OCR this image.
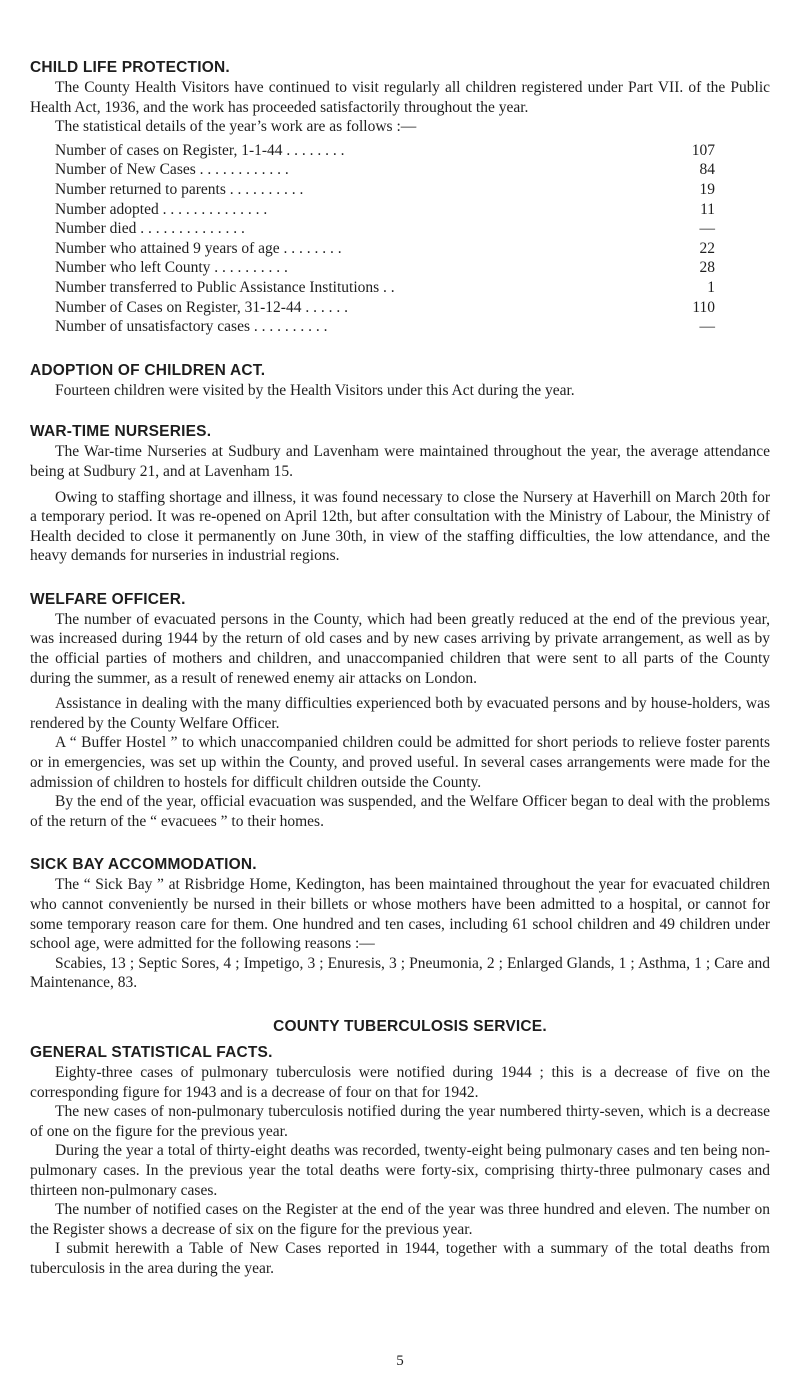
CHILD LIFE PROTECTION.

The County Health Visitors have continued to visit regularly all children registered under Part VII. of the Public Health Act, 1936, and the work has proceeded satisfactorily throughout the year.

The statistical details of the year’s work are as follows :—

Number of cases on Register, 1-1-44 . . . . . . . .	107
Number of New Cases . . . . . . . . . . . .	84
Number returned to parents . . . . . . . . . .	19
Number adopted . . . . . . . . . . . . . .	11
Number died . . . . . . . . . . . . . .	—
Number who attained 9 years of age . . . . . . . .	22
Number who left County . . . . . . . . . .	28
Number transferred to Public Assistance Institutions . .	1
Number of Cases on Register, 31-12-44 . . . . . .	110
Number of unsatisfactory cases . . . . . . . . . .	—
ADOPTION OF CHILDREN ACT.

Fourteen children were visited by the Health Visitors under this Act during the year.

WAR-TIME NURSERIES.

The War-time Nurseries at Sudbury and Lavenham were maintained throughout the year, the average attendance being at Sudbury 21, and at Lavenham 15.

Owing to staffing shortage and illness, it was found necessary to close the Nursery at Haverhill on March 20th for a temporary period. It was re-opened on April 12th, but after consultation with the Ministry of Labour, the Ministry of Health decided to close it permanently on June 30th, in view of the staffing difficulties, the low attendance, and the heavy demands for nurseries in industrial regions.

WELFARE OFFICER.

The number of evacuated persons in the County, which had been greatly reduced at the end of the previous year, was increased during 1944 by the return of old cases and by new cases arriving by private arrangement, as well as by the official parties of mothers and children, and unaccompanied children that were sent to all parts of the County during the summer, as a result of renewed enemy air attacks on London.

Assistance in dealing with the many difficulties experienced both by evacuated persons and by house-holders, was rendered by the County Welfare Officer.

A “ Buffer Hostel ” to which unaccompanied children could be admitted for short periods to relieve foster parents or in emergencies, was set up within the County, and proved useful. In several cases arrangements were made for the admission of children to hostels for difficult children outside the County.

By the end of the year, official evacuation was suspended, and the Welfare Officer began to deal with the problems of the return of the “ evacuees ” to their homes.

SICK BAY ACCOMMODATION.

The “ Sick Bay ” at Risbridge Home, Kedington, has been maintained throughout the year for evacuated children who cannot conveniently be nursed in their billets or whose mothers have been admitted to a hospital, or cannot for some temporary reason care for them. One hundred and ten cases, including 61 school children and 49 children under school age, were admitted for the following reasons :—

Scabies, 13 ; Septic Sores, 4 ; Impetigo, 3 ; Enuresis, 3 ; Pneumonia, 2 ; Enlarged Glands, 1 ; Asthma, 1 ; Care and Maintenance, 83.

COUNTY TUBERCULOSIS SERVICE.
GENERAL STATISTICAL FACTS.

Eighty-three cases of pulmonary tuberculosis were notified during 1944 ; this is a decrease of five on the corresponding figure for 1943 and is a decrease of four on that for 1942.

The new cases of non-pulmonary tuberculosis notified during the year numbered thirty-seven, which is a decrease of one on the figure for the previous year.

During the year a total of thirty-eight deaths was recorded, twenty-eight being pulmonary cases and ten being non-pulmonary cases. In the previous year the total deaths were forty-six, comprising thirty-three pulmonary cases and thirteen non-pulmonary cases.

The number of notified cases on the Register at the end of the year was three hundred and eleven. The number on the Register shows a decrease of six on the figure for the previous year.

I submit herewith a Table of New Cases reported in 1944, together with a summary of the total deaths from tuberculosis in the area during the year.

5
